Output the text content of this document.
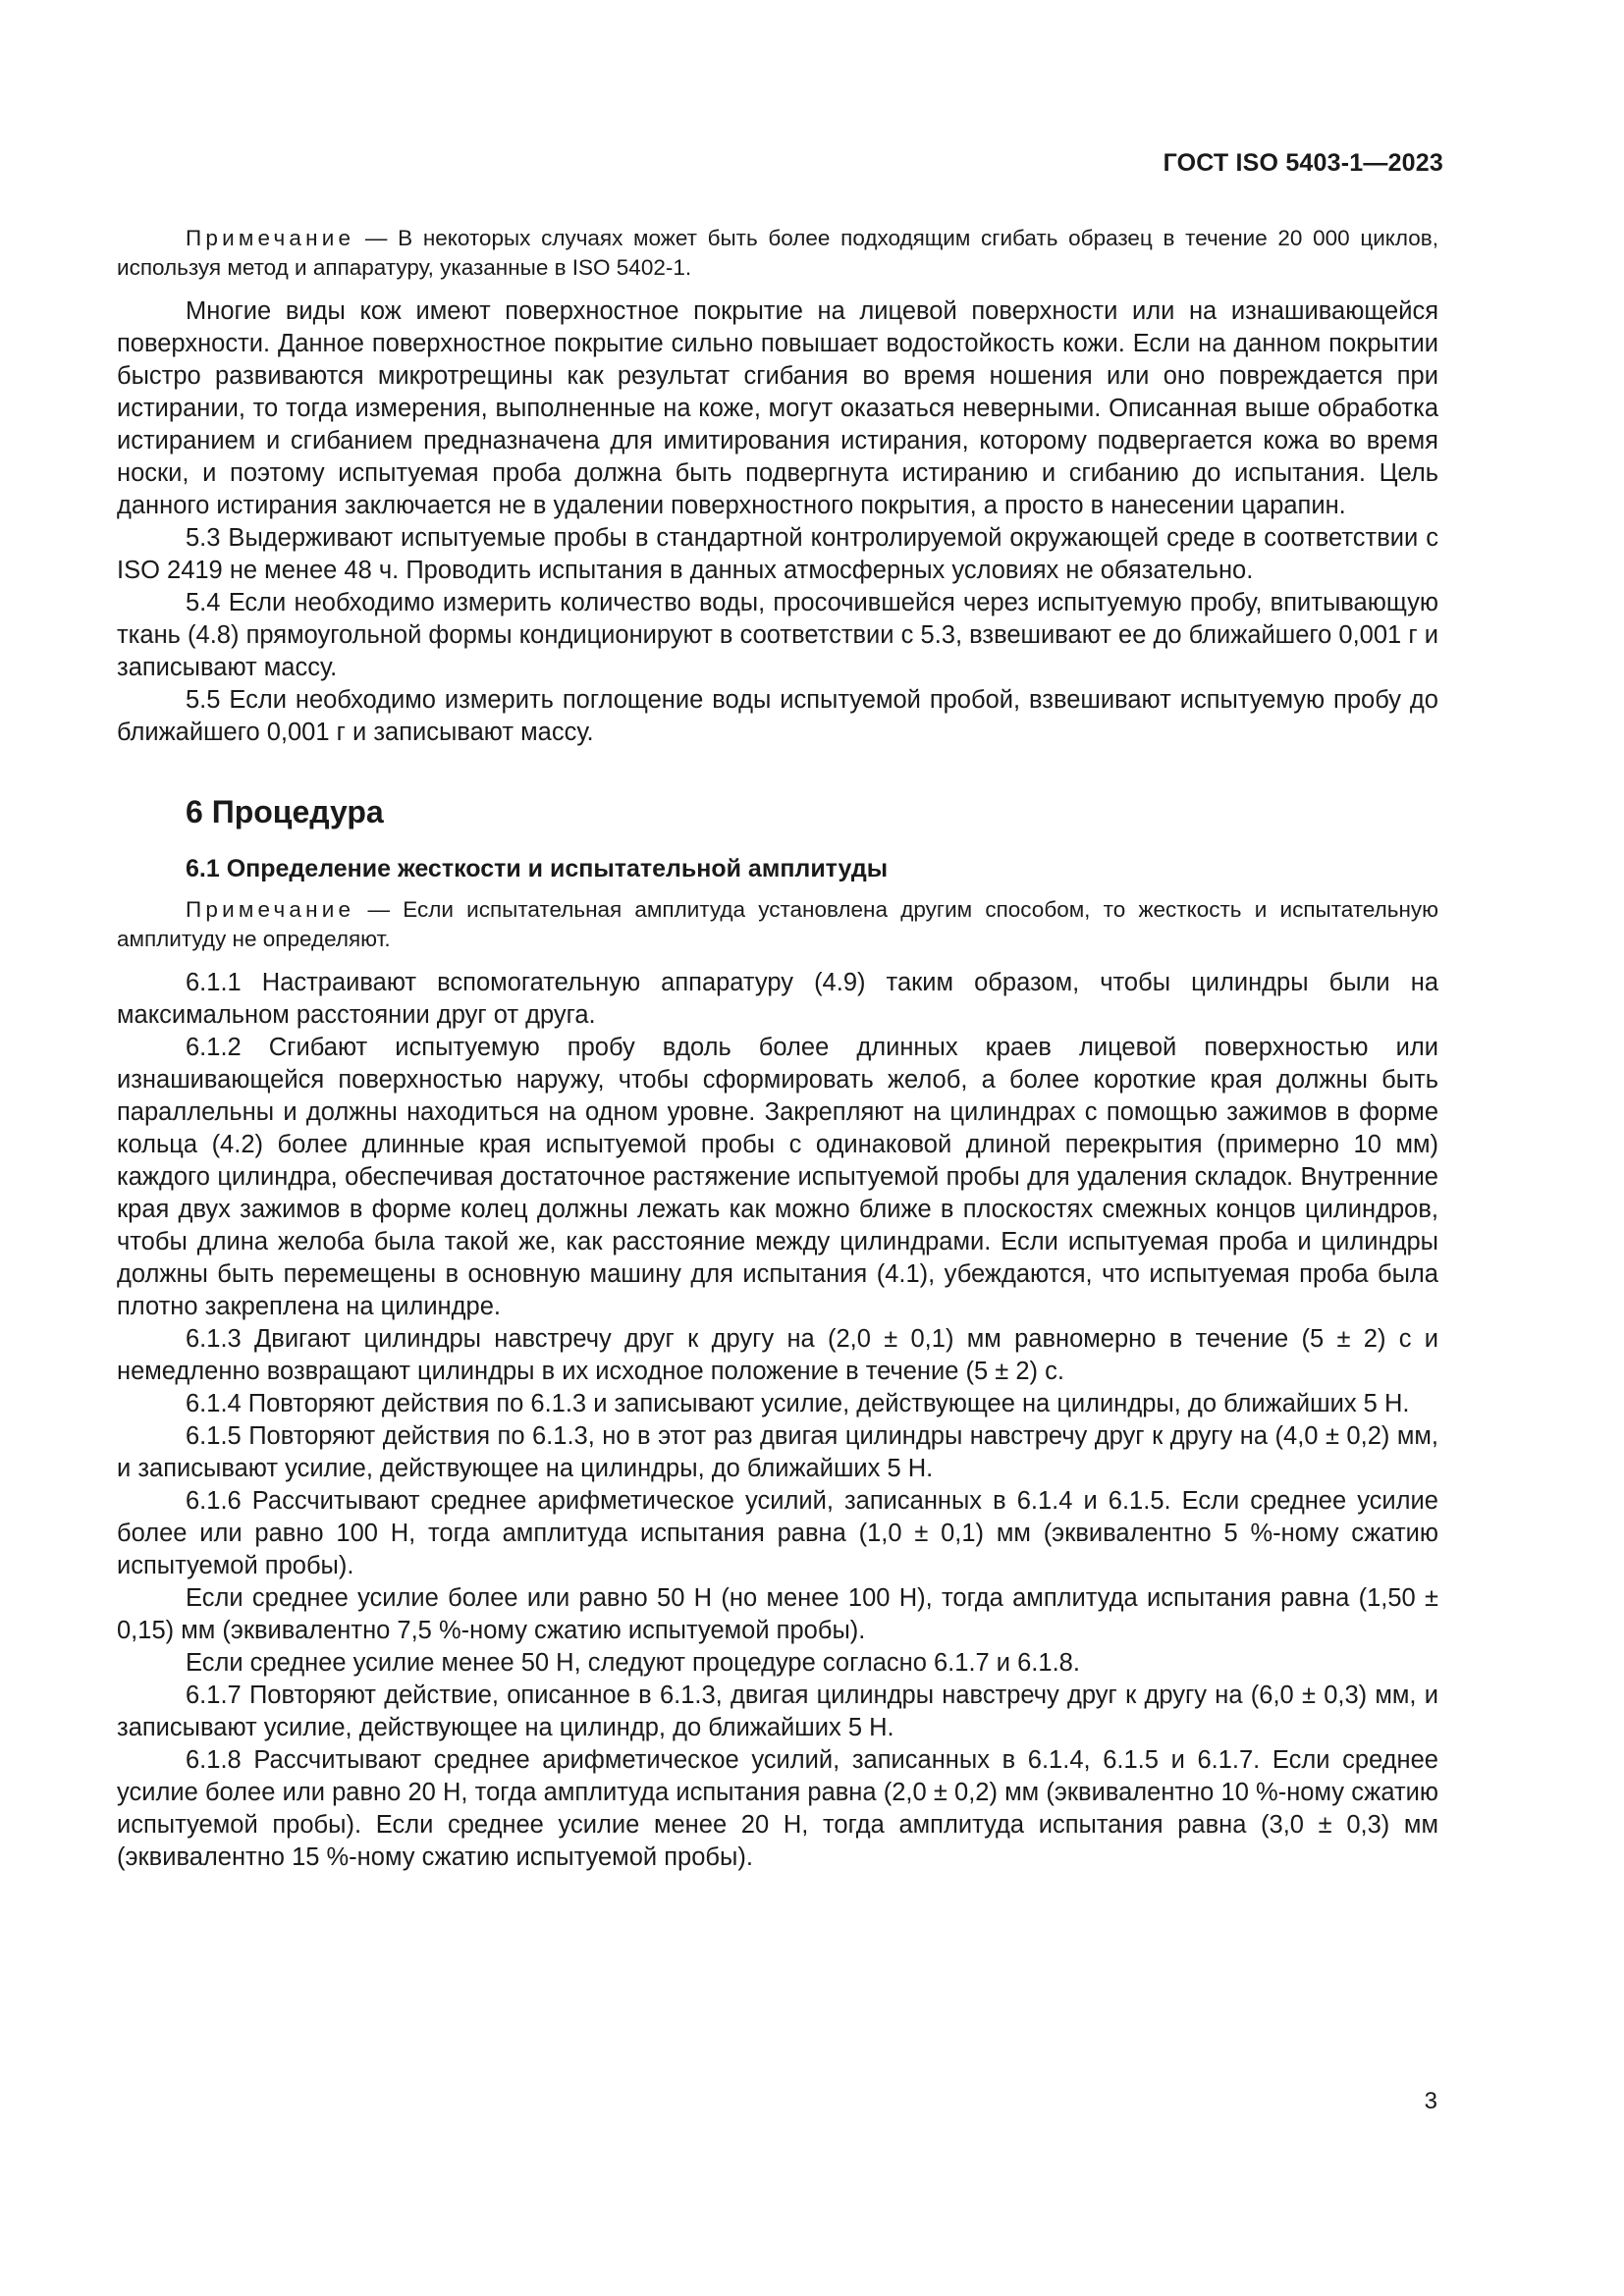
ГОСТ ISO 5403-1—2023

Примечание — В некоторых случаях может быть более подходящим сгибать образец в течение 20 000 циклов, используя метод и аппаратуру, указанные в ISO 5402-1.

Многие виды кож имеют поверхностное покрытие на лицевой поверхности или на изнашивающейся поверхности. Данное поверхностное покрытие сильно повышает водостойкость кожи. Если на данном покрытии быстро развиваются микротрещины как результат сгибания во время ношения или оно повреждается при истирании, то тогда измерения, выполненные на коже, могут оказаться неверными. Описанная выше обработка истиранием и сгибанием предназначена для имитирования истирания, которому подвергается кожа во время носки, и поэтому испытуемая проба должна быть подвергнута истиранию и сгибанию до испытания. Цель данного истирания заключается не в удалении поверхностного покрытия, а просто в нанесении царапин.

5.3 Выдерживают испытуемые пробы в стандартной контролируемой окружающей среде в соответствии с ISO 2419 не менее 48 ч. Проводить испытания в данных атмосферных условиях не обязательно.

5.4 Если необходимо измерить количество воды, просочившейся через испытуемую пробу, впитывающую ткань (4.8) прямоугольной формы кондиционируют в соответствии с 5.3, взвешивают ее до ближайшего 0,001 г и записывают массу.

5.5 Если необходимо измерить поглощение воды испытуемой пробой, взвешивают испытуемую пробу до ближайшего 0,001 г и записывают массу.

6 Процедура
6.1 Определение жесткости и испытательной амплитуды

Примечание — Если испытательная амплитуда установлена другим способом, то жесткость и испытательную амплитуду не определяют.

6.1.1 Настраивают вспомогательную аппаратуру (4.9) таким образом, чтобы цилиндры были на максимальном расстоянии друг от друга.

6.1.2 Сгибают испытуемую пробу вдоль более длинных краев лицевой поверхностью или изнашивающейся поверхностью наружу, чтобы сформировать желоб, а более короткие края должны быть параллельны и должны находиться на одном уровне. Закрепляют на цилиндрах с помощью зажимов в форме кольца (4.2) более длинные края испытуемой пробы с одинаковой длиной перекрытия (примерно 10 мм) каждого цилиндра, обеспечивая достаточное растяжение испытуемой пробы для удаления складок. Внутренние края двух зажимов в форме колец должны лежать как можно ближе в плоскостях смежных концов цилиндров, чтобы длина желоба была такой же, как расстояние между цилиндрами. Если испытуемая проба и цилиндры должны быть перемещены в основную машину для испытания (4.1), убеждаются, что испытуемая проба была плотно закреплена на цилиндре.

6.1.3 Двигают цилиндры навстречу друг к другу на (2,0 ± 0,1) мм равномерно в течение (5 ± 2) с и немедленно возвращают цилиндры в их исходное положение в течение (5 ± 2) с.

6.1.4 Повторяют действия по 6.1.3 и записывают усилие, действующее на цилиндры, до ближайших 5 Н.

6.1.5 Повторяют действия по 6.1.3, но в этот раз двигая цилиндры навстречу друг к другу на (4,0 ± 0,2) мм, и записывают усилие, действующее на цилиндры, до ближайших 5 Н.

6.1.6 Рассчитывают среднее арифметическое усилий, записанных в 6.1.4 и 6.1.5. Если среднее усилие более или равно 100 Н, тогда амплитуда испытания равна (1,0 ± 0,1) мм (эквивалентно 5 %-ному сжатию испытуемой пробы).

Если среднее усилие более или равно 50 Н (но менее 100 Н), тогда амплитуда испытания равна (1,50 ± 0,15) мм (эквивалентно 7,5 %-ному сжатию испытуемой пробы).

Если среднее усилие менее 50 Н, следуют процедуре согласно 6.1.7 и 6.1.8.

6.1.7 Повторяют действие, описанное в 6.1.3, двигая цилиндры навстречу друг к другу на (6,0 ± 0,3) мм, и записывают усилие, действующее на цилиндр, до ближайших 5 Н.

6.1.8 Рассчитывают среднее арифметическое усилий, записанных в 6.1.4, 6.1.5 и 6.1.7. Если среднее усилие более или равно 20 Н, тогда амплитуда испытания равна (2,0 ± 0,2) мм (эквивалентно 10 %-ному сжатию испытуемой пробы). Если среднее усилие менее 20 Н, тогда амплитуда испытания равна (3,0 ± 0,3) мм (эквивалентно 15 %-ному сжатию испытуемой пробы).

3
